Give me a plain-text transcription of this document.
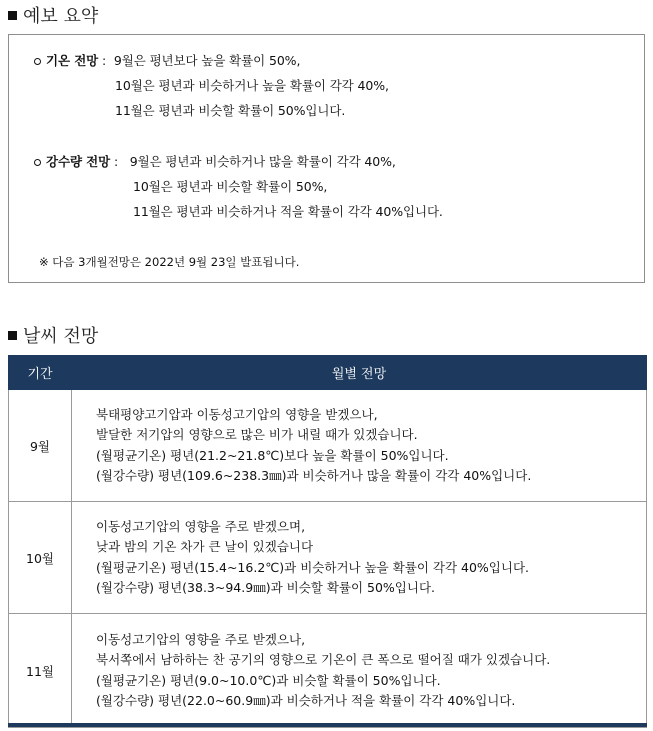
예보 요약
기온 전망 :  9월은 평년보다 높을 확률이 50%,
10월은 평년과 비슷하거나 높을 확률이 각각 40%,
11월은 평년과 비슷할 확률이 50%입니다.
강수량 전망 :   9월은 평년과 비슷하거나 많을 확률이 각각 40%,
10월은 평년과 비슷할 확률이 50%,
11월은 평년과 비슷하거나 적을 확률이 각각 40%입니다.
※ 다음 3개월전망은 2022년 9월 23일 발표됩니다.
날씨 전망
기간	월별 전망
9월	북태평양고기압과 이동성고기압의 영향을 받겠으나,
발달한 저기압의 영향으로 많은 비가 내릴 때가 있겠습니다.
(월평균기온) 평년(21.2~21.8℃)보다 높을 확률이 50%입니다.
(월강수량) 평년(109.6~238.3㎜)과 비슷하거나 많을 확률이 각각 40%입니다.

10월	이동성고기압의 영향을 주로 받겠으며,
낮과 밤의 기온 차가 큰 날이 있겠습니다
(월평균기온) 평년(15.4~16.2℃)과 비슷하거나 높을 확률이 각각 40%입니다.
(월강수량) 평년(38.3~94.9㎜)과 비슷할 확률이 50%입니다.

11월	이동성고기압의 영향을 주로 받겠으나,
북서쪽에서 남하하는 찬 공기의 영향으로 기온이 큰 폭으로 떨어질 때가 있겠습니다.
(월평균기온) 평년(9.0~10.0℃)과 비슷할 확률이 50%입니다.
(월강수량) 평년(22.0~60.9㎜)과 비슷하거나 적을 확률이 각각 40%입니다.
